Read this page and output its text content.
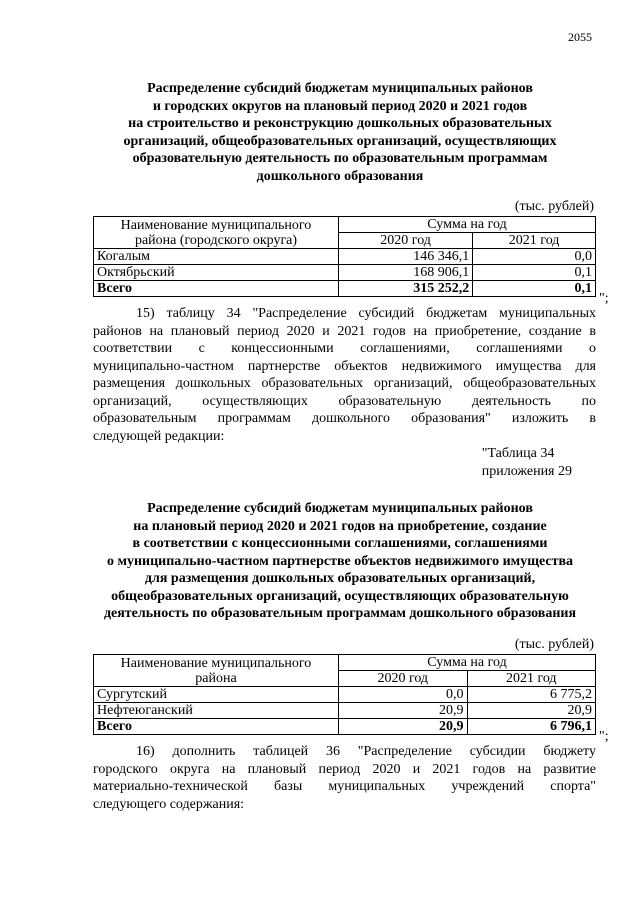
2055
Распределение субсидий бюджетам муниципальных районов
и городских округов на плановый период 2020 и 2021 годов
на строительство и реконструкцию дошкольных образовательных
организаций, общеобразовательных организаций, осуществляющих
образовательную деятельность по образовательным программам
дошкольного образования
(тыс. рублей)
Наименование муниципального
района (городского округа)	Сумма на год	
	2020 год	2021 год
Когалым	146 346,1	0,0
Октябрьский	168 906,1	0,1
Всего	315 252,2	0,1
";
15) таблицу 34 "Распределение субсидий бюджетам муниципальных
районов на плановый период 2020 и 2021 годов на приобретение, создание в
соответствии с концессионными соглашениями, соглашениями о
муниципально-частном партнерстве объектов недвижимого имущества для
размещения дошкольных образовательных организаций, общеобразовательных
организаций, осуществляющих образовательную деятельность по
образовательным программам дошкольного образования" изложить в
следующей редакции:
"Таблица 34
приложения 29
Распределение субсидий бюджетам муниципальных районов
на плановый период 2020 и 2021 годов на приобретение, создание
в соответствии с концессионными соглашениями, соглашениями
о муниципально-частном партнерстве объектов недвижимого имущества
для размещения дошкольных образовательных организаций,
общеобразовательных организаций, осуществляющих образовательную
деятельность по образовательным программам дошкольного образования
(тыс. рублей)
Наименование муниципального
района	Сумма на год	
	2020 год	2021 год
Сургутский	0,0	6 775,2
Нефтеюганский	20,9	20,9
Всего	20,9	6 796,1
";
16) дополнить таблицей 36 "Распределение субсидии бюджету
городского округа на плановый период 2020 и 2021 годов на развитие
материально-технической базы муниципальных учреждений спорта"
следующего содержания:
